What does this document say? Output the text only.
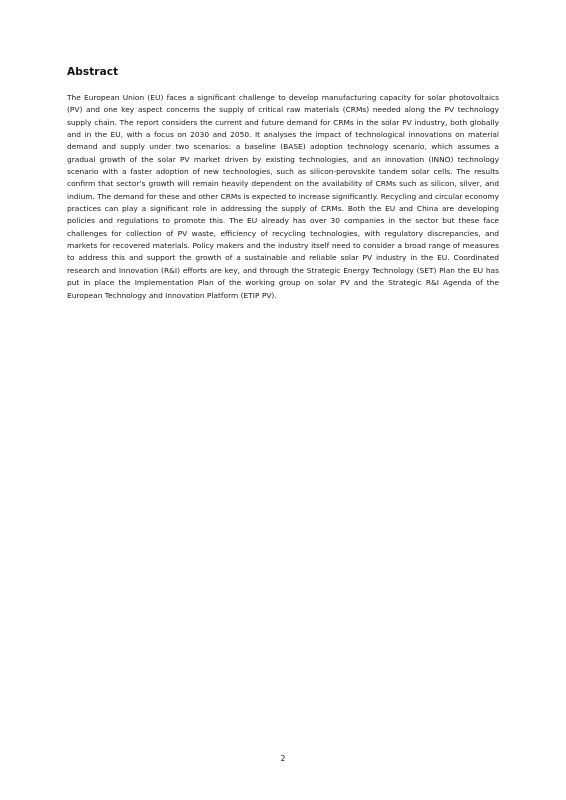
Abstract

The European Union (EU) faces a significant challenge to develop manufacturing capacity for solar photovoltaics (PV) and one key aspect concerns the supply of critical raw materials (CRMs) needed along the PV technology supply chain. The report considers the current and future demand for CRMs in the solar PV industry, both globally and in the EU, with a focus on 2030 and 2050. It analyses the impact of technological innovations on material demand and supply under two scenarios: a baseline (BASE) adoption technology scenario, which assumes a gradual growth of the solar PV market driven by existing technologies, and an innovation (INNO) technology scenario with a faster adoption of new technologies, such as silicon-perovskite tandem solar cells. The results confirm that sector’s growth will remain heavily dependent on the availability of CRMs such as silicon, silver, and indium. The demand for these and other CRMs is expected to increase significantly. Recycling and circular economy practices can play a significant role in addressing the supply of CRMs. Both the EU and China are developing policies and regulations to promote this. The EU already has over 30 companies in the sector but these face challenges for collection of PV waste, efficiency of recycling technologies, with regulatory discrepancies, and markets for recovered materials. Policy makers and the industry itself need to consider a broad range of measures to address this and support the growth of a sustainable and reliable solar PV industry in the EU. Coordinated research and Innovation (R&I) efforts are key, and through the Strategic Energy Technology (SET) Plan the EU has put in place the Implementation Plan of the working group on solar PV and the Strategic R&I Agenda of the European Technology and Innovation Platform (ETIP PV).

2
